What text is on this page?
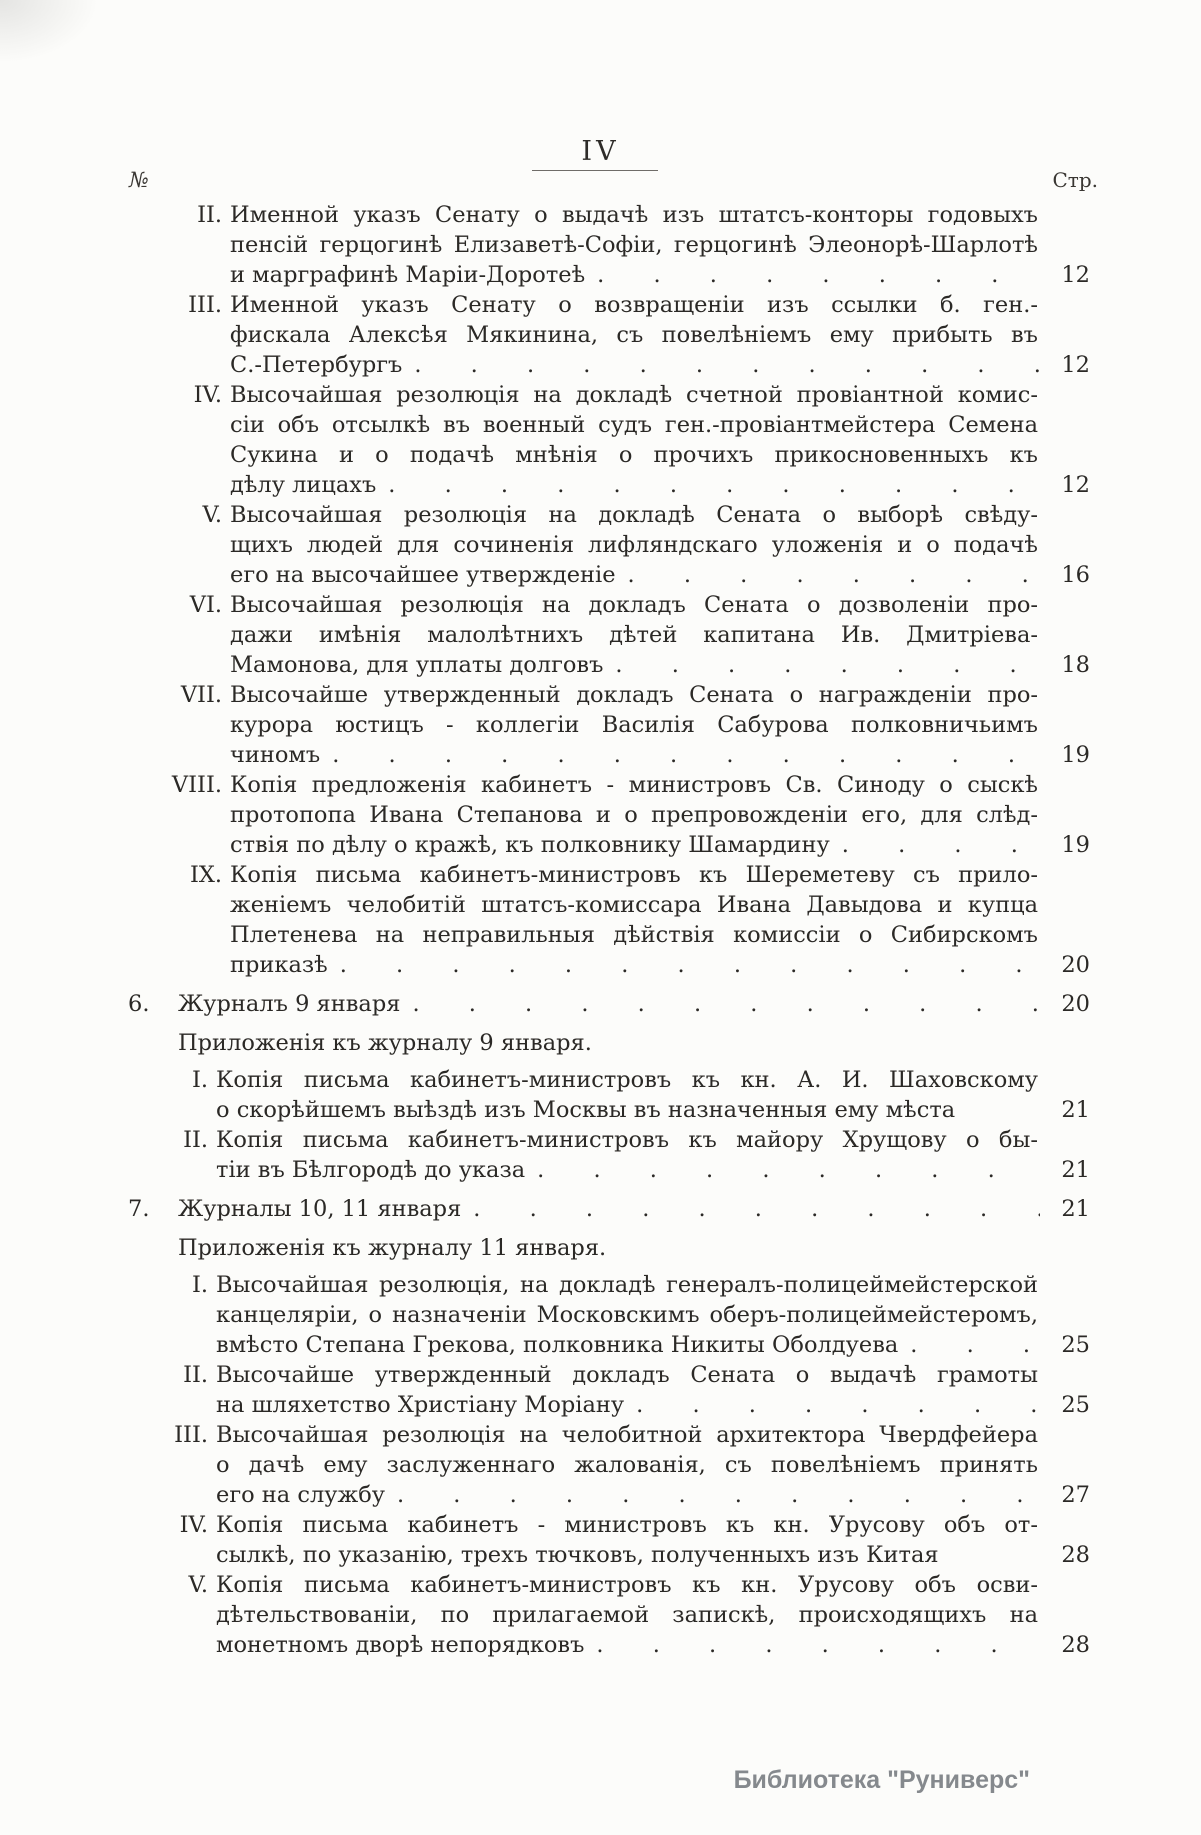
IV
№	Стр.
II. Именной указъ Сенату о выдачѣ изъ штатсъ-конторы годовыхъ
пенсій герцогинѣ Елизаветѣ-Софіи, герцогинѣ Элеонорѣ-Шарлотѣ
и марграфинѣ Маріи-Доротеѣ . . .	12
III. Именной указъ Сенату о возвращеніи изъ ссылки б. ген.-
фискала Алексѣя Мякинина, съ повелѣніемъ ему прибыть въ
С.-Петербургъ . . .	12
IV. Высочайшая резолюція на докладѣ счетной провіантной комис-
сіи объ отсылкѣ въ военный судъ ген.-провіантмейстера Семена
Сукина и о подачѣ мнѣнія о прочихъ прикосновенныхъ къ
дѣлу лицахъ . . .	12
V. Высочайшая резолюція на докладѣ Сената о выборѣ свѣду-
щихъ людей для сочиненія лифляндскаго уложенія и о подачѣ
его на высочайшее утвержденіе . . .	16
VI. Высочайшая резолюція на докладъ Сената о дозволеніи про-
дажи имѣнія малолѣтнихъ дѣтей капитана Ив. Дмитріева-
Мамонова, для уплаты долговъ . . .	18
VII. Высочайше утвержденный докладъ Сената о награжденіи про-
курора юстицъ - коллегіи Василія Сабурова полковничьимъ
чиномъ . . .	19
VIII. Копія предложенія кабинетъ - министровъ Св. Синоду о сыскѣ
протопопа Ивана Степанова и о препровожденіи его, для слѣд-
ствія по дѣлу о кражѣ, къ полковнику Шамардину . . .	19
IX. Копія письма кабинетъ-министровъ къ Шереметеву съ прило-
женіемъ челобитій штатсъ-комиссара Ивана Давыдова и купца
Плетенева на неправильныя дѣйствія комиссіи о Сибирскомъ
приказѣ . . .	20
6.	Журналъ 9 января . . .	20
Приложенія къ журналу 9 января.
I. Копія письма кабинетъ-министровъ къ кн. А. И. Шаховскому
о скорѣйшемъ выѣздѣ изъ Москвы въ назначенныя ему мѣста	21
II. Копія письма кабинетъ-министровъ къ майору Хрущову о бы-
тіи въ Бѣлгородѣ до указа . . .	21
7.	Журналы 10, 11 января . . .	21
Приложенія къ журналу 11 января.
I. Высочайшая резолюція, на докладѣ генералъ-полицеймейстерской
канцеляріи, о назначеніи Московскимъ оберъ-полицеймейстеромъ,
вмѣсто Степана Грекова, полковника Никиты Оболдуева . . .	25
II. Высочайше утвержденный докладъ Сената о выдачѣ грамоты
на шляхетство Христіану Моріану . . .	25
III. Высочайшая резолюція на челобитной архитектора Чвердфейера
о дачѣ ему заслуженнаго жалованія, съ повелѣніемъ принять
его на службу . . .	27
IV. Копія письма кабинетъ - министровъ къ кн. Урусову объ от-
сылкѣ, по указанію, трехъ тючковъ, полученныхъ изъ Китая	28
V. Копія письма кабинетъ-министровъ къ кн. Урусову объ осви-
дѣтельствованіи, по прилагаемой запискѣ, происходящихъ на
монетномъ дворѣ непорядковъ . . .	28
Библиотека "Руниверс"
